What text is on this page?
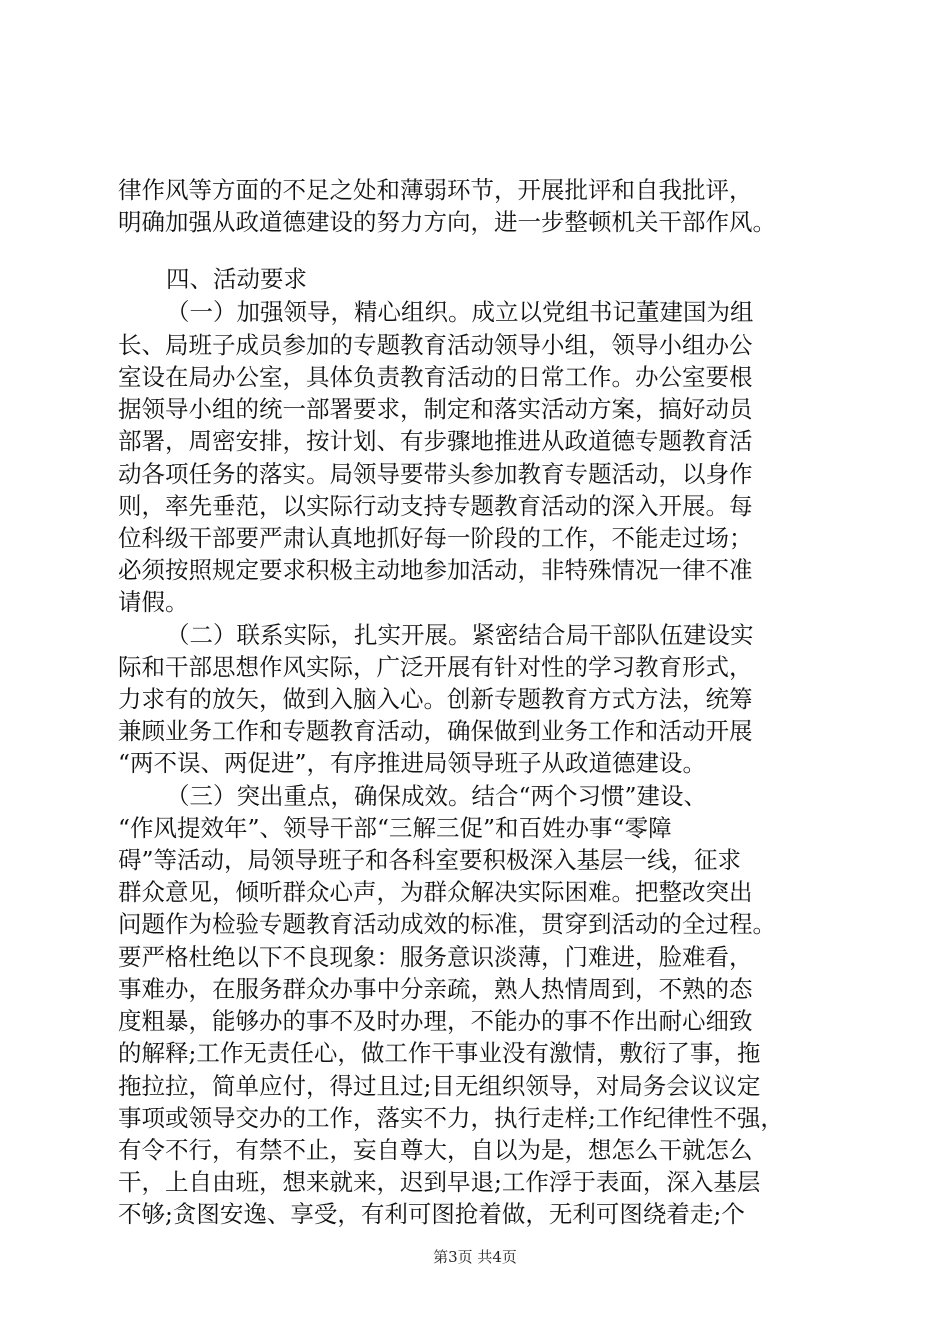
律作风等方面的不足之处和薄弱环节，开展批评和自我批评，
明确加强从政道德建设的努力方向，进一步整顿机关干部作风。
四、活动要求
（一）加强领导，精心组织。成立以党组书记董建国为组
长、局班子成员参加的专题教育活动领导小组，领导小组办公
室设在局办公室，具体负责教育活动的日常工作。办公室要根
据领导小组的统一部署要求，制定和落实活动方案，搞好动员
部署，周密安排，按计划、有步骤地推进从政道德专题教育活
动各项任务的落实。局领导要带头参加教育专题活动，以身作
则，率先垂范，以实际行动支持专题教育活动的深入开展。每
位科级干部要严肃认真地抓好每一阶段的工作，不能走过场；
必须按照规定要求积极主动地参加活动，非特殊情况一律不准
请假。
（二）联系实际，扎实开展。紧密结合局干部队伍建设实
际和干部思想作风实际，广泛开展有针对性的学习教育形式，
力求有的放矢，做到入脑入心。创新专题教育方式方法，统筹
兼顾业务工作和专题教育活动，确保做到业务工作和活动开展
“两不误、两促进”，有序推进局领导班子从政道德建设。
（三）突出重点，确保成效。结合“两个习惯”建设、
“作风提效年”、领导干部“三解三促”和百姓办事“零障
碍”等活动，局领导班子和各科室要积极深入基层一线，征求
群众意见，倾听群众心声，为群众解决实际困难。把整改突出
问题作为检验专题教育活动成效的标准，贯穿到活动的全过程。
要严格杜绝以下不良现象：服务意识淡薄，门难进，脸难看，
事难办，在服务群众办事中分亲疏，熟人热情周到，不熟的态
度粗暴，能够办的事不及时办理，不能办的事不作出耐心细致
的解释;工作无责任心，做工作干事业没有激情，敷衍了事，拖
拖拉拉，简单应付，得过且过;目无组织领导，对局务会议议定
事项或领导交办的工作，落实不力，执行走样;工作纪律性不强，
有令不行，有禁不止，妄自尊大，自以为是，想怎么干就怎么
干，上自由班，想来就来，迟到早退;工作浮于表面，深入基层
不够;贪图安逸、享受，有利可图抢着做，无利可图绕着走;个
第3页 共4页
